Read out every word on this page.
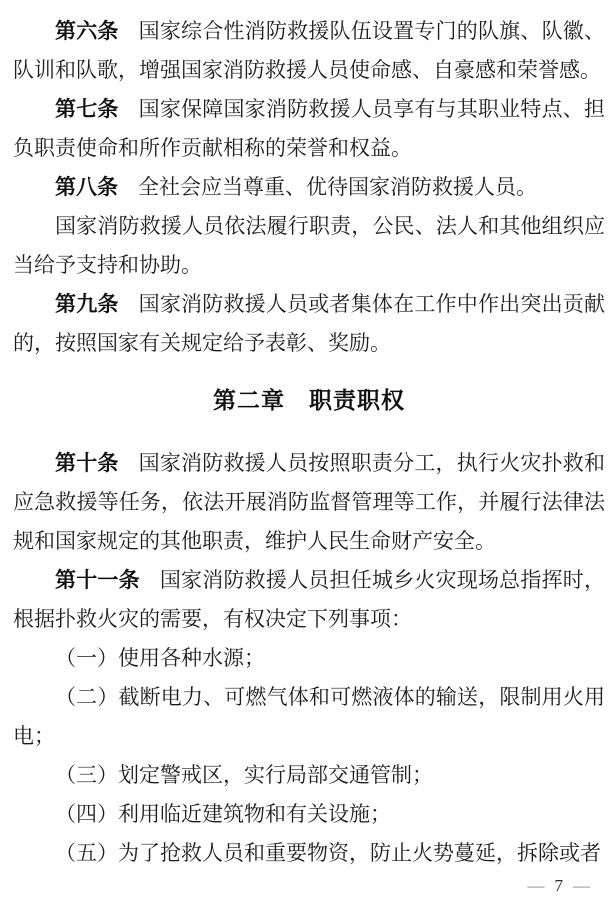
第六条 国家综合性消防救援队伍设置专门的队旗、队徽、队训和队歌，增强国家消防救援人员使命感、自豪感和荣誉感。

第七条 国家保障国家消防救援人员享有与其职业特点、担负职责使命和所作贡献相称的荣誉和权益。

第八条 全社会应当尊重、优待国家消防救援人员。

国家消防救援人员依法履行职责，公民、法人和其他组织应当给予支持和协助。

第九条 国家消防救援人员或者集体在工作中作出突出贡献的，按照国家有关规定给予表彰、奖励。

第二章　职责职权

第十条 国家消防救援人员按照职责分工，执行火灾扑救和应急救援等任务，依法开展消防监督管理等工作，并履行法律法规和国家规定的其他职责，维护人民生命财产安全。

第十一条 国家消防救援人员担任城乡火灾现场总指挥时，根据扑救火灾的需要，有权决定下列事项：

（一）使用各种水源；

（二）截断电力、可燃气体和可燃液体的输送，限制用火用电；

（三）划定警戒区，实行局部交通管制；

（四）利用临近建筑物和有关设施；

（五）为了抢救人员和重要物资，防止火势蔓延，拆除或者

— 7 —
